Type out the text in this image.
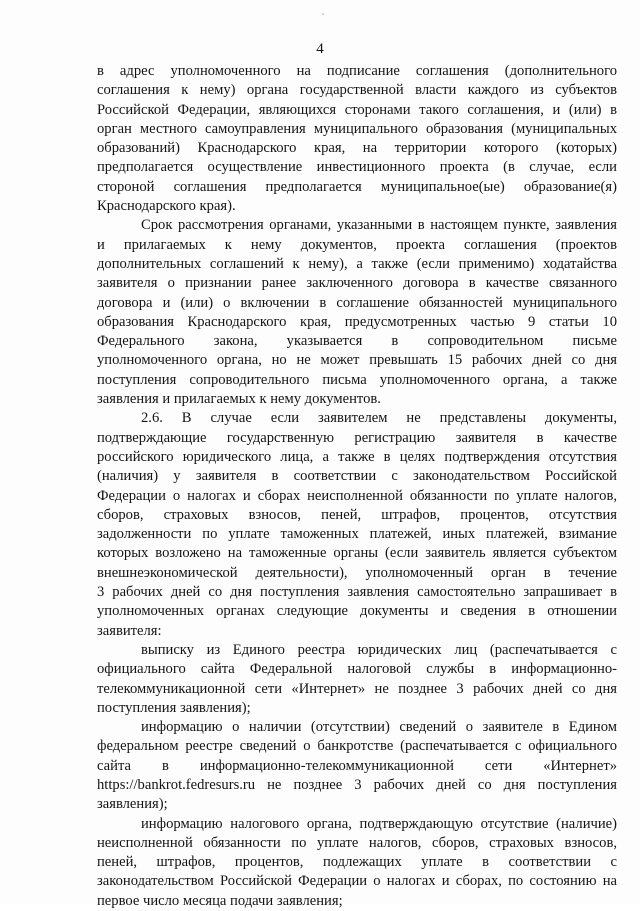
4
в адрес уполномоченного на подписание соглашения (дополнительного
соглашения к нему) органа государственной власти каждого из субъектов
Российской Федерации, являющихся сторонами такого соглашения, и (или) в
орган местного самоуправления муниципального образования (муниципальных
образований) Краснодарского края, на территории которого (которых)
предполагается осуществление инвестиционного проекта (в случае, если
стороной соглашения предполагается муниципальное(ые) образование(я)
Краснодарского края).
Срок рассмотрения органами, указанными в настоящем пункте, заявления
и прилагаемых к нему документов, проекта соглашения (проектов
дополнительных соглашений к нему), а также (если применимо) ходатайства
заявителя о признании ранее заключенного договора в качестве связанного
договора и (или) о включении в соглашение обязанностей муниципального
образования Краснодарского края, предусмотренных частью 9 статьи 10
Федерального закона, указывается в сопроводительном письме
уполномоченного органа, но не может превышать 15 рабочих дней со дня
поступления сопроводительного письма уполномоченного органа, а также
заявления и прилагаемых к нему документов.
2.6. В случае если заявителем не представлены документы,
подтверждающие государственную регистрацию заявителя в качестве
российского юридического лица, а также в целях подтверждения отсутствия
(наличия) у заявителя в соответствии с законодательством Российской
Федерации о налогах и сборах неисполненной обязанности по уплате налогов,
сборов, страховых взносов, пеней, штрафов, процентов, отсутствия
задолженности по уплате таможенных платежей, иных платежей, взимание
которых возложено на таможенные органы (если заявитель является субъектом
внешнеэкономической деятельности), уполномоченный орган в течение
3 рабочих дней со дня поступления заявления самостоятельно запрашивает в
уполномоченных органах следующие документы и сведения в отношении
заявителя:
выписку из Единого реестра юридических лиц (распечатывается с
официального сайта Федеральной налоговой службы в информационно-
телекоммуникационной сети «Интернет» не позднее 3 рабочих дней со дня
поступления заявления);
информацию о наличии (отсутствии) сведений о заявителе в Едином
федеральном реестре сведений о банкротстве (распечатывается с официального
сайта в информационно-телекоммуникационной сети «Интернет»
https://bankrot.fedresurs.ru не позднее 3 рабочих дней со дня поступления
заявления);
информацию налогового органа, подтверждающую отсутствие (наличие)
неисполненной обязанности по уплате налогов, сборов, страховых взносов,
пеней, штрафов, процентов, подлежащих уплате в соответствии с
законодательством Российской Федерации о налогах и сборах, по состоянию на
первое число месяца подачи заявления;
